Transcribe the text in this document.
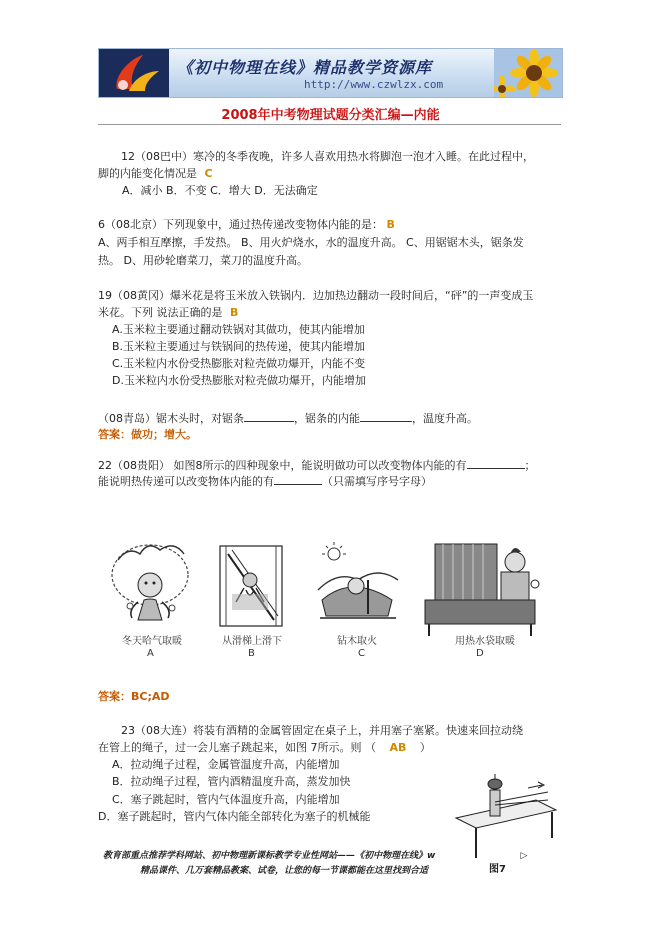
《初中物理在线》精品教学资源库
http://www.czwlzx.com
2008年中考物理试题分类汇编—内能
12（08巴中）寒冷的冬季夜晚，许多人喜欢用热水将脚泡一泡才入睡。在此过程中，
脚的内能变化情况是 C
A．减小 B．不变 C．增大 D．无法确定
6（08北京）下列现象中，通过热传递改变物体内能的是： B
A、两手相互摩擦，手发热。 B、用火炉烧水，水的温度升高。 C、用锯锯木头，锯条发
热。 D、用砂轮磨菜刀，菜刀的温度升高。
19（08黄冈）爆米花是将玉米放入铁锅内．边加热边翻动一段时间后，“砰”的一声变成玉
米花。下列 说法正确的是 B
A.玉米粒主要通过翻动铁锅对其做功，使其内能增加
B.玉米粒主要通过与铁锅间的热传递，使其内能增加
C.玉米粒内水份受热膨胀对粒壳做功爆开，内能不变
D.玉米粒内水份受热膨胀对粒壳做功爆开，内能增加
（08青岛）锯木头时，对锯条	，锯条的内能	，温度升高。
答案：做功；增大。
22（08贵阳） 如图8所示的四种现象中，能说明做功可以改变物体内能的有	；
能说明热传递可以改变物体内能的有	（只需填写序号字母）
冬天哈气取暖
A
从滑梯上滑下
B
钻木取火
C
用热水袋取暖
D
答案：BC;AD
23（08大连）将装有酒精的金属管固定在桌子上，并用塞子塞紧。快速来回拉动绕
在管上的绳子，过一会儿塞子跳起来，如图 7所示。则 （ AB ）
A．拉动绳子过程，金属管温度升高，内能增加
B．拉动绳子过程，管内酒精温度升高，蒸发加快
C．塞子跳起时，管内气体温度升高，内能增加
D．塞子跳起时，管内气体内能全部转化为塞子的机械能
图7
教育部重点推荐学科网站、初中物理新课标教学专业性网站——《初中物理在线》w	▷
精品课件、几万套精品教案、试卷，让您的每一节课都能在这里找到合适
